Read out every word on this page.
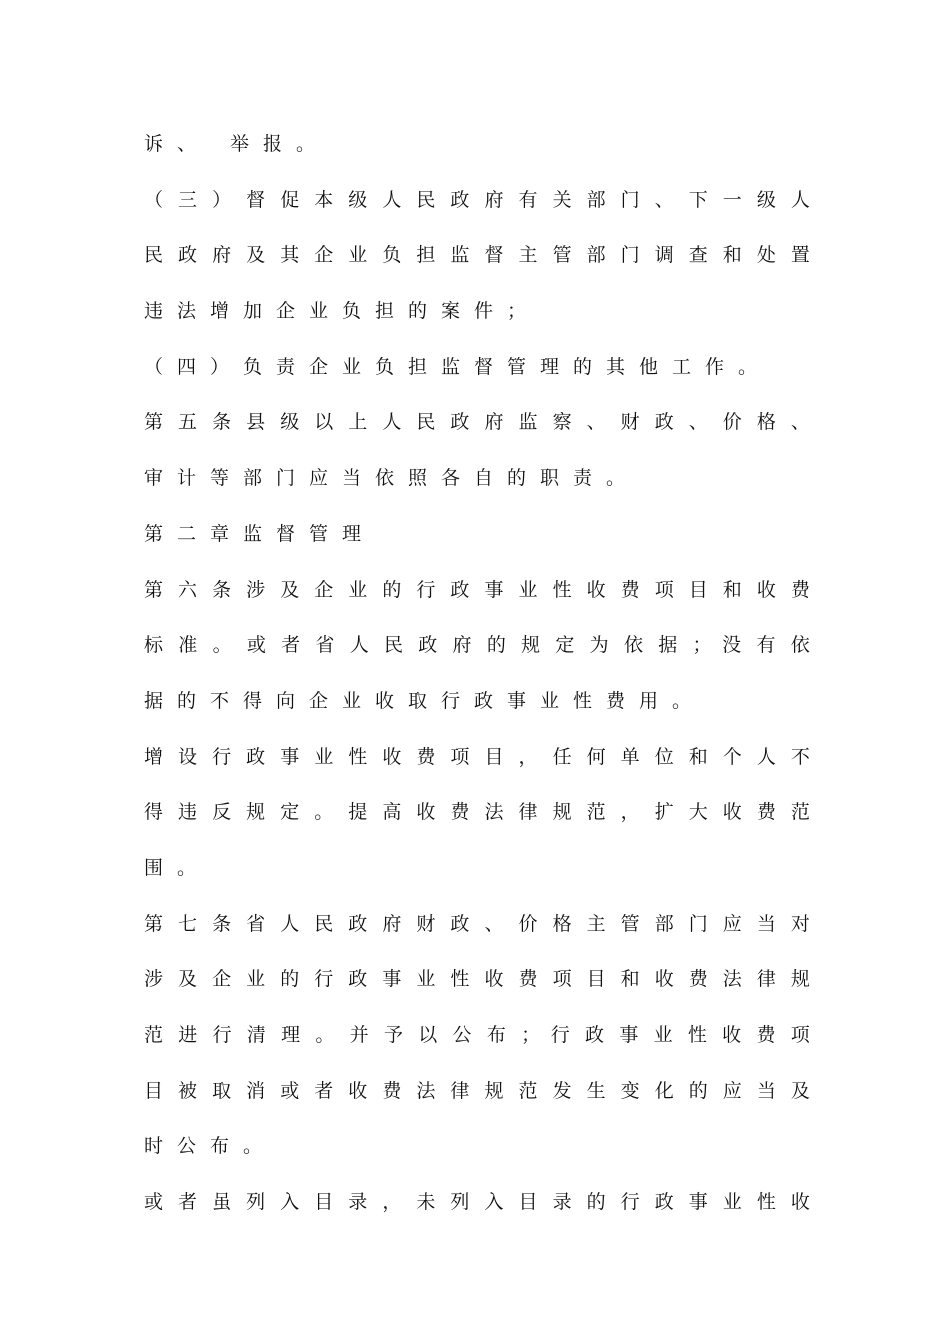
诉、 举报。
（ 三 ） 督 促 本 级 人 民 政 府 有 关 部 门 、 下 一 级 人
民 政 府 及 其 企 业 负 担 监 督 主 管 部 门 调 查 和 处 置
违法增加企业负担的案件；
（四）负责企业负担监督管理的其他工作。
第 五 条 县 级 以 上 人 民 政 府 监 察 、 财 政 、 价 格 、
审计等部门应当依照各自的职责。
第二章监督管理
第 六 条 涉 及 企 业 的 行 政 事 业 性 收 费 项 目 和 收 费
标 准 。 或 者 省 人 民 政 府 的 规 定 为 依 据 ； 没 有 依
据的不得向企业收取行政事业性费用。
增 设 行 政 事 业 性 收 费 项 目 ， 任 何 单 位 和 个 人 不
得 违 反 规 定 。 提 高 收 费 法 律 规 范 ， 扩 大 收 费 范
围。
第 七 条 省 人 民 政 府 财 政 、 价 格 主 管 部 门 应 当 对
涉 及 企 业 的 行 政 事 业 性 收 费 项 目 和 收 费 法 律 规
范 进 行 清 理 。 并 予 以 公 布 ； 行 政 事 业 性 收 费 项
目 被 取 消 或 者 收 费 法 律 规 范 发 生 变 化 的 应 当 及
时公布。
或 者 虽 列 入 目 录 ， 未 列 入 目 录 的 行 政 事 业 性 收
